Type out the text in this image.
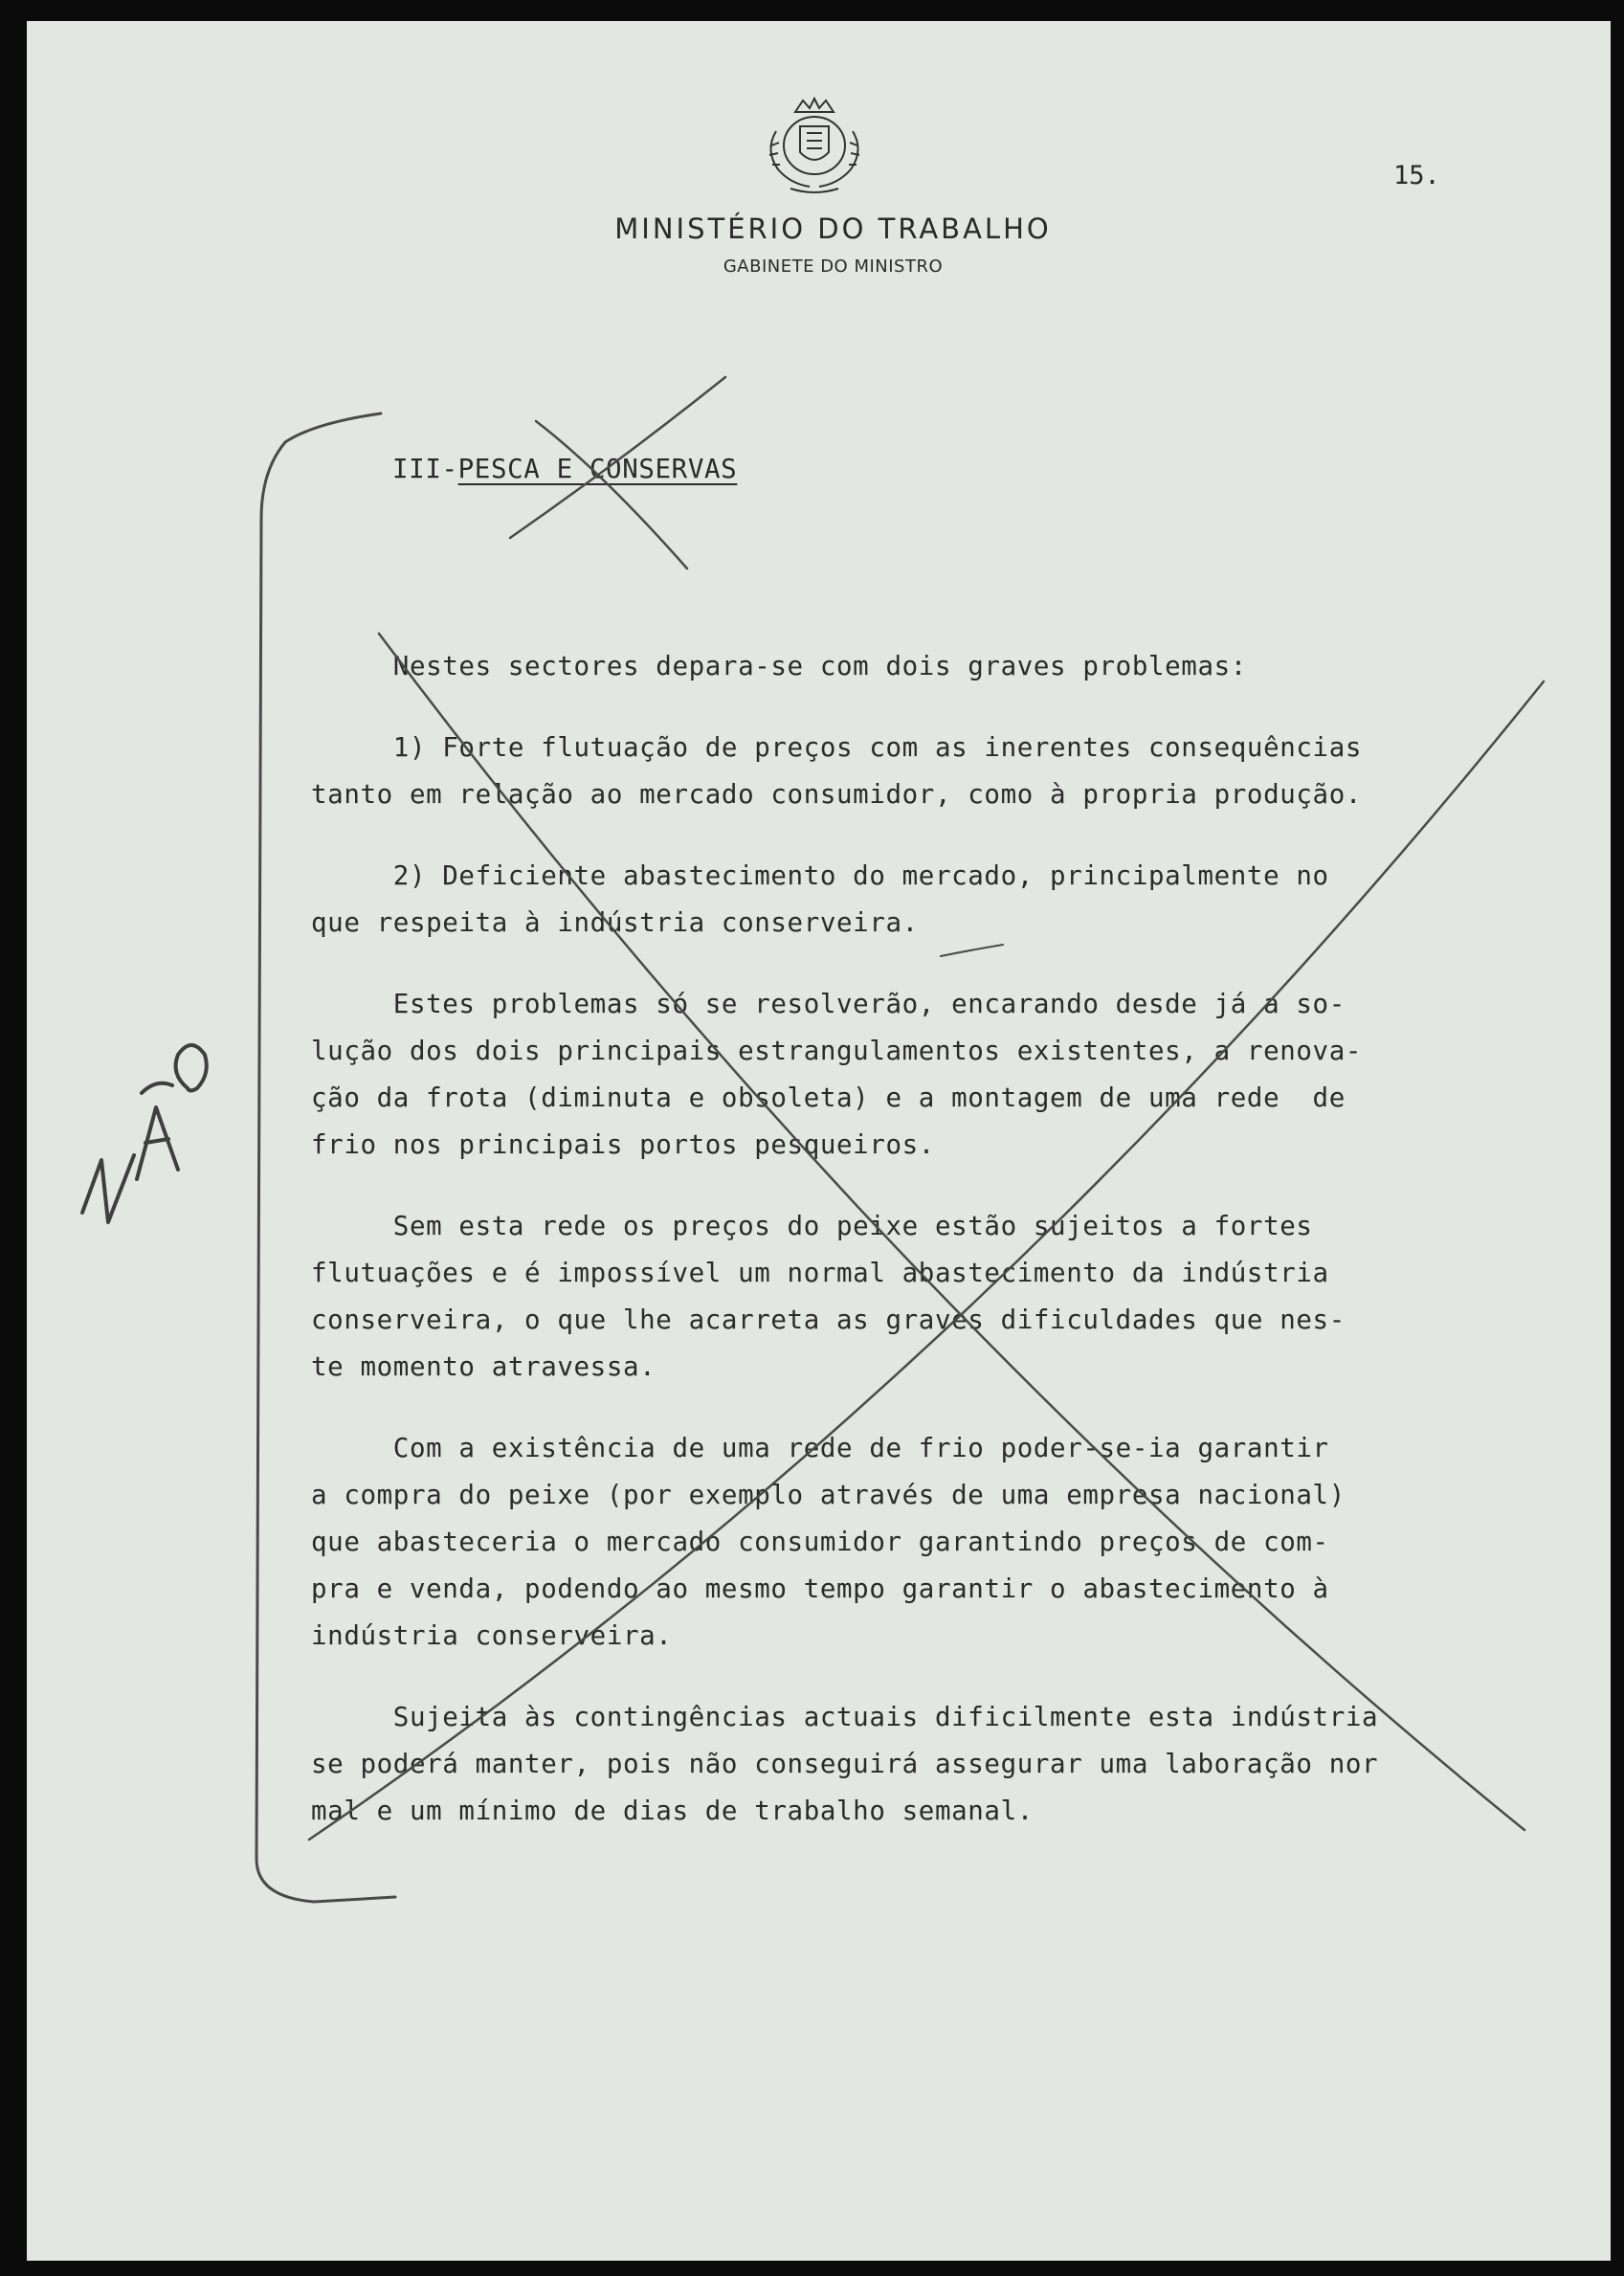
MINISTÉRIO DO TRABALHO
GABINETE DO MINISTRO
15.
III-PESCA E CONSERVAS
Nestes sectores depara-se com dois graves problemas:
1) Forte flutuação de preços com as inerentes consequências
tanto em relação ao mercado consumidor, como à propria produção.
2) Deficiente abastecimento do mercado, principalmente no
que respeita à indústria conserveira.
Estes problemas só se resolverão, encarando desde já a so-
lução dos dois principais estrangulamentos existentes, a renova-
ção da frota (diminuta e obsoleta) e a montagem de uma rede  de
frio nos principais portos pesqueiros.
Sem esta rede os preços do peixe estão sujeitos a fortes
flutuações e é impossível um normal abastecimento da indústria
conserveira, o que lhe acarreta as graves dificuldades que nes-
te momento atravessa.
Com a existência de uma rede de frio poder-se-ia garantir
a compra do peixe (por exemplo através de uma empresa nacional)
que abasteceria o mercado consumidor garantindo preços de com-
pra e venda, podendo ao mesmo tempo garantir o abastecimento à
indústria conserveira.
Sujeita às contingências actuais dificilmente esta indústria
se poderá manter, pois não conseguirá assegurar uma laboração nor
mal e um mínimo de dias de trabalho semanal.
